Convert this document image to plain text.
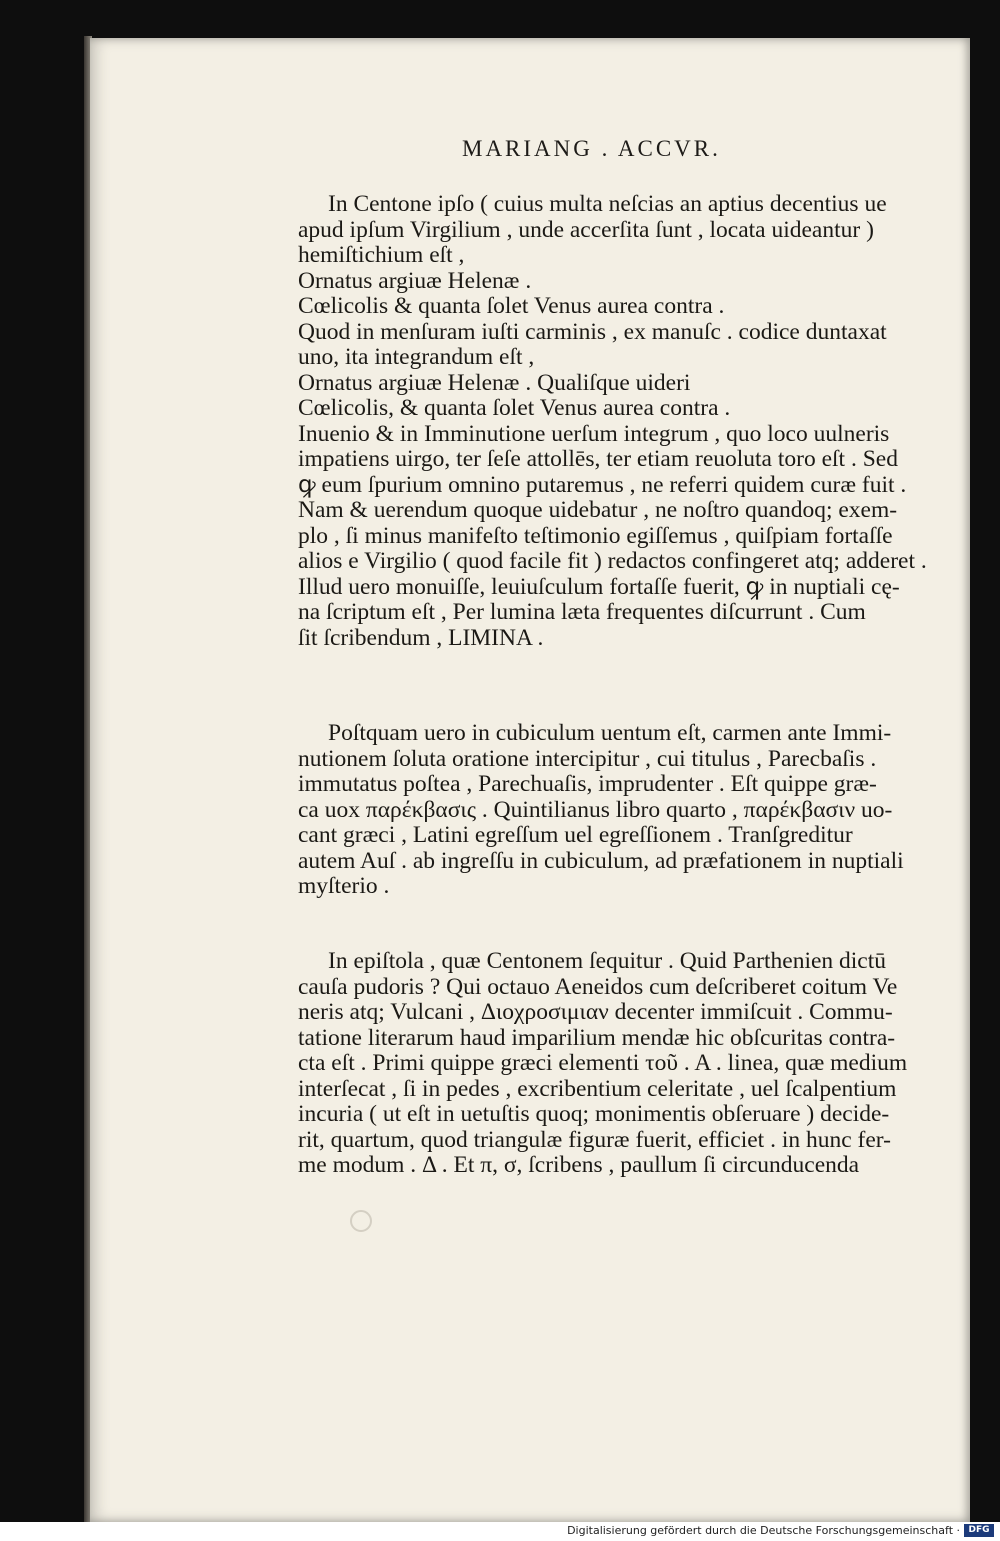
MARIANG . ACCVR.
In Centone ipſo ( cuius multa neſcias an aptius decentius ue
apud ipſum Virgilium , unde accerſita ſunt , locata uideantur )
hemiſtichium eſt ,
Ornatus argiuæ Helenæ .
Cœlicolis & quanta ſolet Venus aurea contra .
Quod in menſuram iuſti carminis , ex manuſc . codice duntaxat
uno, ita integrandum eſt ,
Ornatus argiuæ Helenæ . Qualiſque uideri
Cœlicolis, & quanta ſolet Venus aurea contra .
Inuenio & in Imminutione uerſum integrum , quo loco uulneris
impatiens uirgo, ter ſeſe attollēs, ter etiam reuoluta toro eſt . Sed
ꝙ eum ſpurium omnino putaremus , ne referri quidem curæ fuit .
Nam & uerendum quoque uidebatur , ne noſtro quandoq; exem-
plo , ſi minus manifeſto teſtimonio egiſſemus , quiſpiam fortaſſe
alios e Virgilio ( quod facile fit ) redactos confingeret atq; adderet .
Illud uero monuiſſe, leuiuſculum fortaſſe fuerit, ꝙ in nuptiali cę-
na ſcriptum eſt , Per lumina læta frequentes diſcurrunt . Cum
ſit ſcribendum , LIMINA .
Poſtquam uero in cubiculum uentum eſt, carmen ante Immi-
nutionem ſoluta oratione intercipitur , cui titulus , Parecbaſis .
immutatus poſtea , Parechuaſis, imprudenter . Eſt quippe græ-
ca uox παρέκβασις . Quintilianus libro quarto , παρέκβασιν uo-
cant græci , Latini egreſſum uel egreſſionem . Tranſgreditur
autem Auſ . ab ingreſſu in cubiculum, ad præfationem in nuptiali
myſterio .
In epiſtola , quæ Centonem ſequitur . Quid Parthenien dictū
cauſa pudoris ? Qui octauo Aeneidos cum deſcriberet coitum Ve
neris atq; Vulcani , Διοχροσιμιαν decenter immiſcuit . Commu-
tatione literarum haud imparilium mendæ hic obſcuritas contra-
cta eſt . Primi quippe græci elementi τοῦ . Α . linea, quæ medium
interſecat , ſi in pedes , excribentium celeritate , uel ſcalpentium
incuria ( ut eſt in uetuſtis quoq; monimentis obſeruare ) decide-
rit, quartum, quod triangulæ figuræ fuerit, efficiet . in hunc fer-
me modum . Δ . Et π, σ, ſcribens , paullum ſi circunducenda
Digitalisierung gefördert durch die Deutsche Forschungsgemeinschaft · DFG
